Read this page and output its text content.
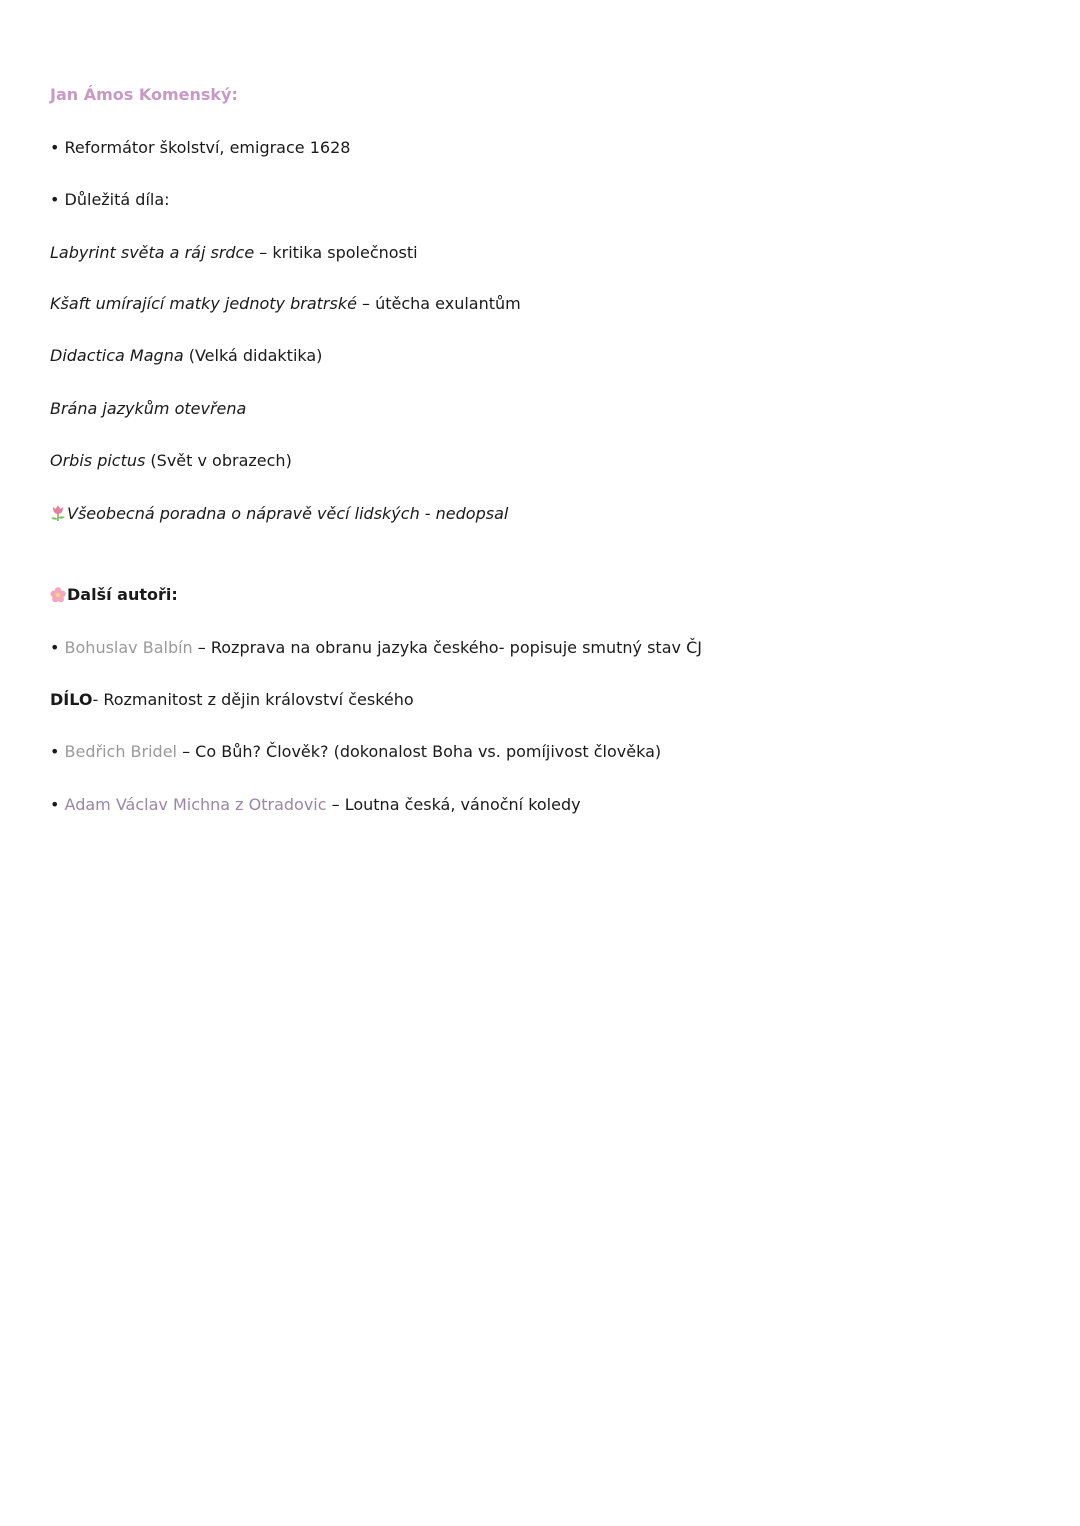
Jan Ámos Komenský:
• Reformátor školství, emigrace 1628
• Důležitá díla:
Labyrint světa a ráj srdce – kritika společnosti
Kšaft umírající matky jednoty bratrské – útěcha exulantům
Didactica Magna (Velká didaktika)
Brána jazykům otevřena
Orbis pictus (Svět v obrazech)
Všeobecná poradna o nápravě věcí lidských - nedopsal
Další autoři:
• Bohuslav Balbín – Rozprava na obranu jazyka českého- popisuje smutný stav ČJ
DÍLO- Rozmanitost z dějin království českého
• Bedřich Bridel – Co Bůh? Člověk? (dokonalost Boha vs. pomíjivost člověka)
• Adam Václav Michna z Otradovic – Loutna česká, vánoční koledy
